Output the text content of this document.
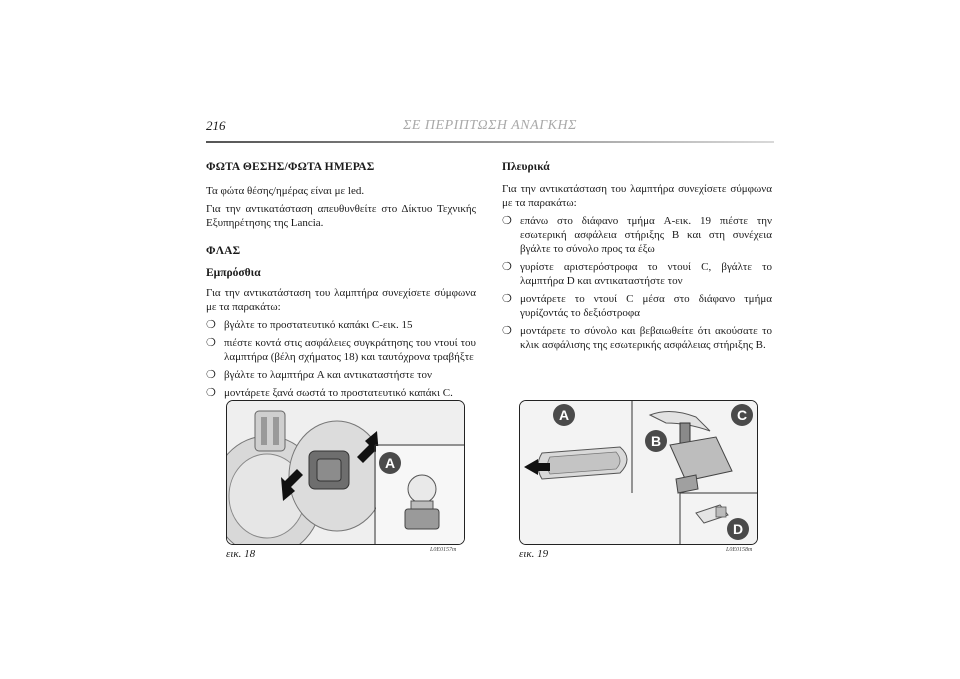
216	ΣΕ ΠΕΡΙΠΤΩΣΗ ΑΝΑΓΚΗΣ
ΦΩΤΑ ΘΕΣΗΣ/ΦΩΤΑ ΗΜΕΡΑΣ

Τα φώτα θέσης/ημέρας είναι με led.

Για την αντικατάσταση απευθυνθείτε στο Δίκτυο Τεχνικής Εξυπηρέτησης της Lancia.

ΦΛΑΣ
Εμπρόσθια

Για την αντικατάσταση του λαμπτήρα συνεχίσετε σύμφωνα με τα παρακάτω:

❍ βγάλτε το προστατευτικό καπάκι C-εικ. 15
❍ πιέστε κοντά στις ασφάλειες συγκράτησης του ντουί του λαμπτήρα (βέλη σχήματος 18) και ταυτόχρονα τραβήξτε
❍ βγάλτε το λαμπτήρα A και αντικαταστήστε τον
❍ μοντάρετε ξανά σωστά το προστατευτικό καπάκι C.
Πλευρικά

Για την αντικατάσταση του λαμπτήρα συνεχίσετε σύμφωνα με τα παρακάτω:

❍ επάνω στο διάφανο τμήμα A-εικ. 19 πιέστε την εσωτερική ασφάλεια στήριξης B και στη συνέχεια βγάλτε το σύνολο προς τα έξω
❍ γυρίστε αριστερόστροφα το ντουί C, βγάλτε το λαμπτήρα D και αντικαταστήστε τον
❍ μοντάρετε το ντουί C μέσα στο διάφανο τμήμα γυρίζοντάς το δεξιόστροφα
❍ μοντάρετε το σύνολο και βεβαιωθείτε ότι ακούσατε το κλικ ασφάλισης της εσωτερικής ασφάλειας στήριξης B.
A
εικ. 18	L0E0157m
A
B
C
D
εικ. 19	L0E0158m
